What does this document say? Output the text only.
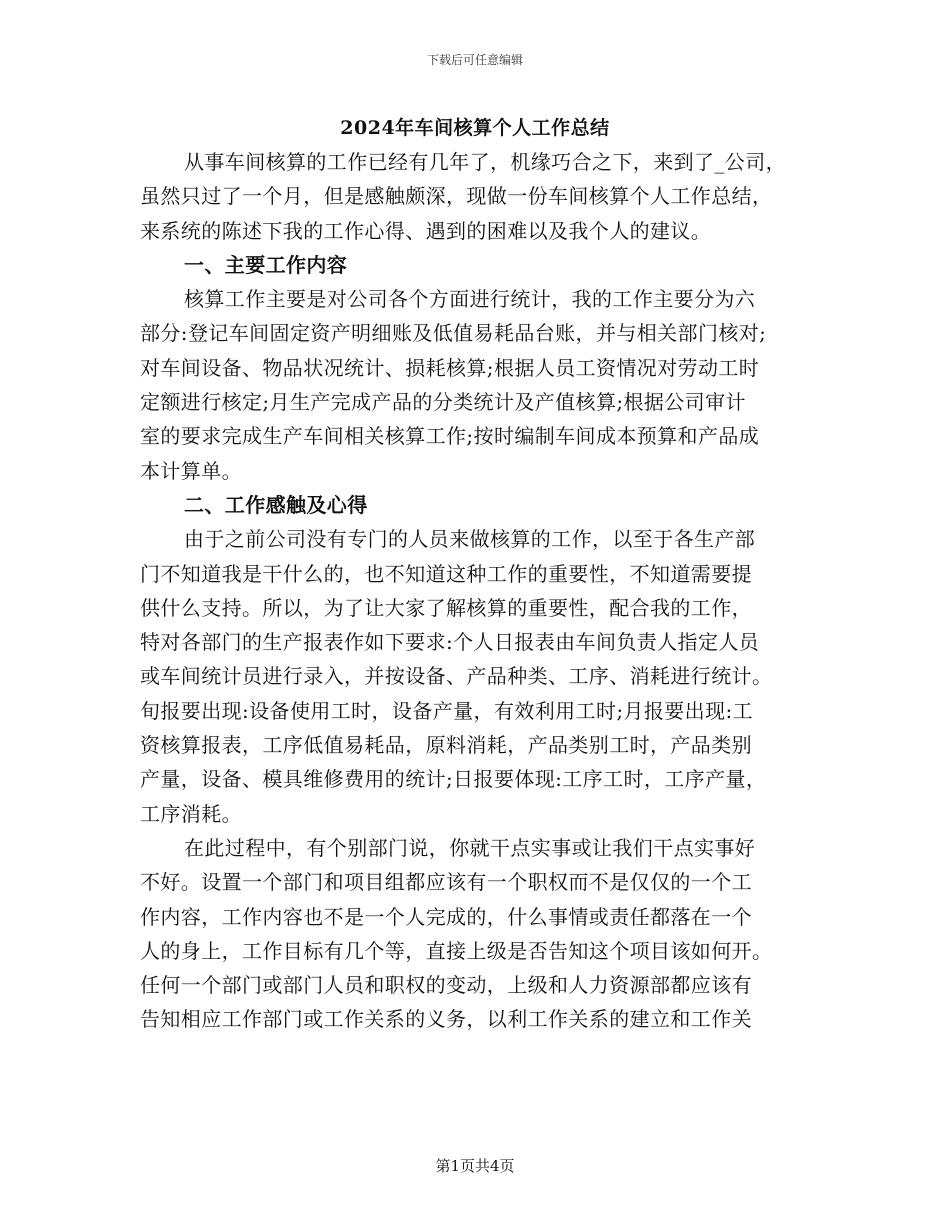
下载后可任意编辑
2024年车间核算个人工作总结
从事车间核算的工作已经有几年了，机缘巧合之下，来到了_公司，
虽然只过了一个月，但是感触颇深，现做一份车间核算个人工作总结，
来系统的陈述下我的工作心得、遇到的困难以及我个人的建议。
一、主要工作内容
核算工作主要是对公司各个方面进行统计，我的工作主要分为六
部分:登记车间固定资产明细账及低值易耗品台账，并与相关部门核对;
对车间设备、物品状况统计、损耗核算;根据人员工资情况对劳动工时
定额进行核定;月生产完成产品的分类统计及产值核算;根据公司审计
室的要求完成生产车间相关核算工作;按时编制车间成本预算和产品成
本计算单。
二、工作感触及心得
由于之前公司没有专门的人员来做核算的工作，以至于各生产部
门不知道我是干什么的，也不知道这种工作的重要性，不知道需要提
供什么支持。所以，为了让大家了解核算的重要性，配合我的工作，
特对各部门的生产报表作如下要求:个人日报表由车间负责人指定人员
或车间统计员进行录入，并按设备、产品种类、工序、消耗进行统计。
旬报要出现:设备使用工时，设备产量，有效利用工时;月报要出现:工
资核算报表，工序低值易耗品，原料消耗，产品类别工时，产品类别
产量，设备、模具维修费用的统计;日报要体现:工序工时，工序产量，
工序消耗。
在此过程中，有个别部门说，你就干点实事或让我们干点实事好
不好。设置一个部门和项目组都应该有一个职权而不是仅仅的一个工
作内容，工作内容也不是一个人完成的，什么事情或责任都落在一个
人的身上，工作目标有几个等，直接上级是否告知这个项目该如何开。
任何一个部门或部门人员和职权的变动，上级和人力资源部都应该有
告知相应工作部门或工作关系的义务，以利工作关系的建立和工作关
第1页共4页
